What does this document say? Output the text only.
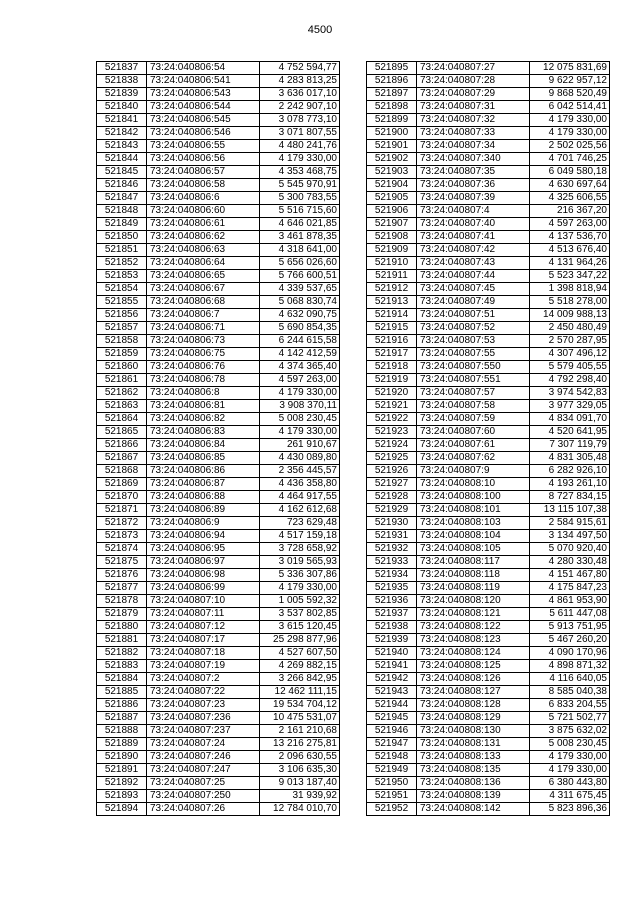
4500
521837	73:24:040806:54	4 752 594,77
521838	73:24:040806:541	4 283 813,25
521839	73:24:040806:543	3 636 017,10
521840	73:24:040806:544	2 242 907,10
521841	73:24:040806:545	3 078 773,10
521842	73:24:040806:546	3 071 807,55
521843	73:24:040806:55	4 480 241,76
521844	73:24:040806:56	4 179 330,00
521845	73:24:040806:57	4 353 468,75
521846	73:24:040806:58	5 545 970,91
521847	73:24:040806:6	5 300 783,55
521848	73:24:040806:60	5 516 715,60
521849	73:24:040806:61	4 646 021,85
521850	73:24:040806:62	3 461 878,35
521851	73:24:040806:63	4 318 641,00
521852	73:24:040806:64	5 656 026,60
521853	73:24:040806:65	5 766 600,51
521854	73:24:040806:67	4 339 537,65
521855	73:24:040806:68	5 068 830,74
521856	73:24:040806:7	4 632 090,75
521857	73:24:040806:71	5 690 854,35
521858	73:24:040806:73	6 244 615,58
521859	73:24:040806:75	4 142 412,59
521860	73:24:040806:76	4 374 365,40
521861	73:24:040806:78	4 597 263,00
521862	73:24:040806:8	4 179 330,00
521863	73:24:040806:81	3 908 370,11
521864	73:24:040806:82	5 008 230,45
521865	73:24:040806:83	4 179 330,00
521866	73:24:040806:84	261 910,67
521867	73:24:040806:85	4 430 089,80
521868	73:24:040806:86	2 356 445,57
521869	73:24:040806:87	4 436 358,80
521870	73:24:040806:88	4 464 917,55
521871	73:24:040806:89	4 162 612,68
521872	73:24:040806:9	723 629,48
521873	73:24:040806:94	4 517 159,18
521874	73:24:040806:95	3 728 658,92
521875	73:24:040806:97	3 019 565,93
521876	73:24:040806:98	5 336 307,86
521877	73:24:040806:99	4 179 330,00
521878	73:24:040807:10	1 005 592,32
521879	73:24:040807:11	3 537 802,85
521880	73:24:040807:12	3 615 120,45
521881	73:24:040807:17	25 298 877,96
521882	73:24:040807:18	4 527 607,50
521883	73:24:040807:19	4 269 882,15
521884	73:24:040807:2	3 266 842,95
521885	73:24:040807:22	12 462 111,15
521886	73:24:040807:23	19 534 704,12
521887	73:24:040807:236	10 475 531,07
521888	73:24:040807:237	2 161 210,68
521889	73:24:040807:24	13 216 275,81
521890	73:24:040807:246	2 096 630,55
521891	73:24:040807:247	3 106 635,30
521892	73:24:040807:25	9 013 187,40
521893	73:24:040807:250	31 939,92
521894	73:24:040807:26	12 784 010,70
521895	73:24:040807:27	12 075 831,69
521896	73:24:040807:28	9 622 957,12
521897	73:24:040807:29	9 868 520,49
521898	73:24:040807:31	6 042 514,41
521899	73:24:040807:32	4 179 330,00
521900	73:24:040807:33	4 179 330,00
521901	73:24:040807:34	2 502 025,56
521902	73:24:040807:340	4 701 746,25
521903	73:24:040807:35	6 049 580,18
521904	73:24:040807:36	4 630 697,64
521905	73:24:040807:39	4 325 606,55
521906	73:24:040807:4	216 367,20
521907	73:24:040807:40	4 597 263,00
521908	73:24:040807:41	4 137 536,70
521909	73:24:040807:42	4 513 676,40
521910	73:24:040807:43	4 131 964,26
521911	73:24:040807:44	5 523 347,22
521912	73:24:040807:45	1 398 818,94
521913	73:24:040807:49	5 518 278,00
521914	73:24:040807:51	14 009 988,13
521915	73:24:040807:52	2 450 480,49
521916	73:24:040807:53	2 570 287,95
521917	73:24:040807:55	4 307 496,12
521918	73:24:040807:550	5 579 405,55
521919	73:24:040807:551	4 792 298,40
521920	73:24:040807:57	3 974 542,83
521921	73:24:040807:58	3 977 329,05
521922	73:24:040807:59	4 834 091,70
521923	73:24:040807:60	4 520 641,95
521924	73:24:040807:61	7 307 119,79
521925	73:24:040807:62	4 831 305,48
521926	73:24:040807:9	6 282 926,10
521927	73:24:040808:10	4 193 261,10
521928	73:24:040808:100	8 727 834,15
521929	73:24:040808:101	13 115 107,38
521930	73:24:040808:103	2 584 915,61
521931	73:24:040808:104	3 134 497,50
521932	73:24:040808:105	5 070 920,40
521933	73:24:040808:117	4 280 330,48
521934	73:24:040808:118	4 151 467,80
521935	73:24:040808:119	4 175 847,23
521936	73:24:040808:120	4 861 953,90
521937	73:24:040808:121	5 611 447,08
521938	73:24:040808:122	5 913 751,95
521939	73:24:040808:123	5 467 260,20
521940	73:24:040808:124	4 090 170,96
521941	73:24:040808:125	4 898 871,32
521942	73:24:040808:126	4 116 640,05
521943	73:24:040808:127	8 585 040,38
521944	73:24:040808:128	6 833 204,55
521945	73:24:040808:129	5 721 502,77
521946	73:24:040808:130	3 875 632,02
521947	73:24:040808:131	5 008 230,45
521948	73:24:040808:133	4 179 330,00
521949	73:24:040808:135	4 179 330,00
521950	73:24:040808:136	6 380 443,80
521951	73:24:040808:139	4 311 675,45
521952	73:24:040808:142	5 823 896,36
